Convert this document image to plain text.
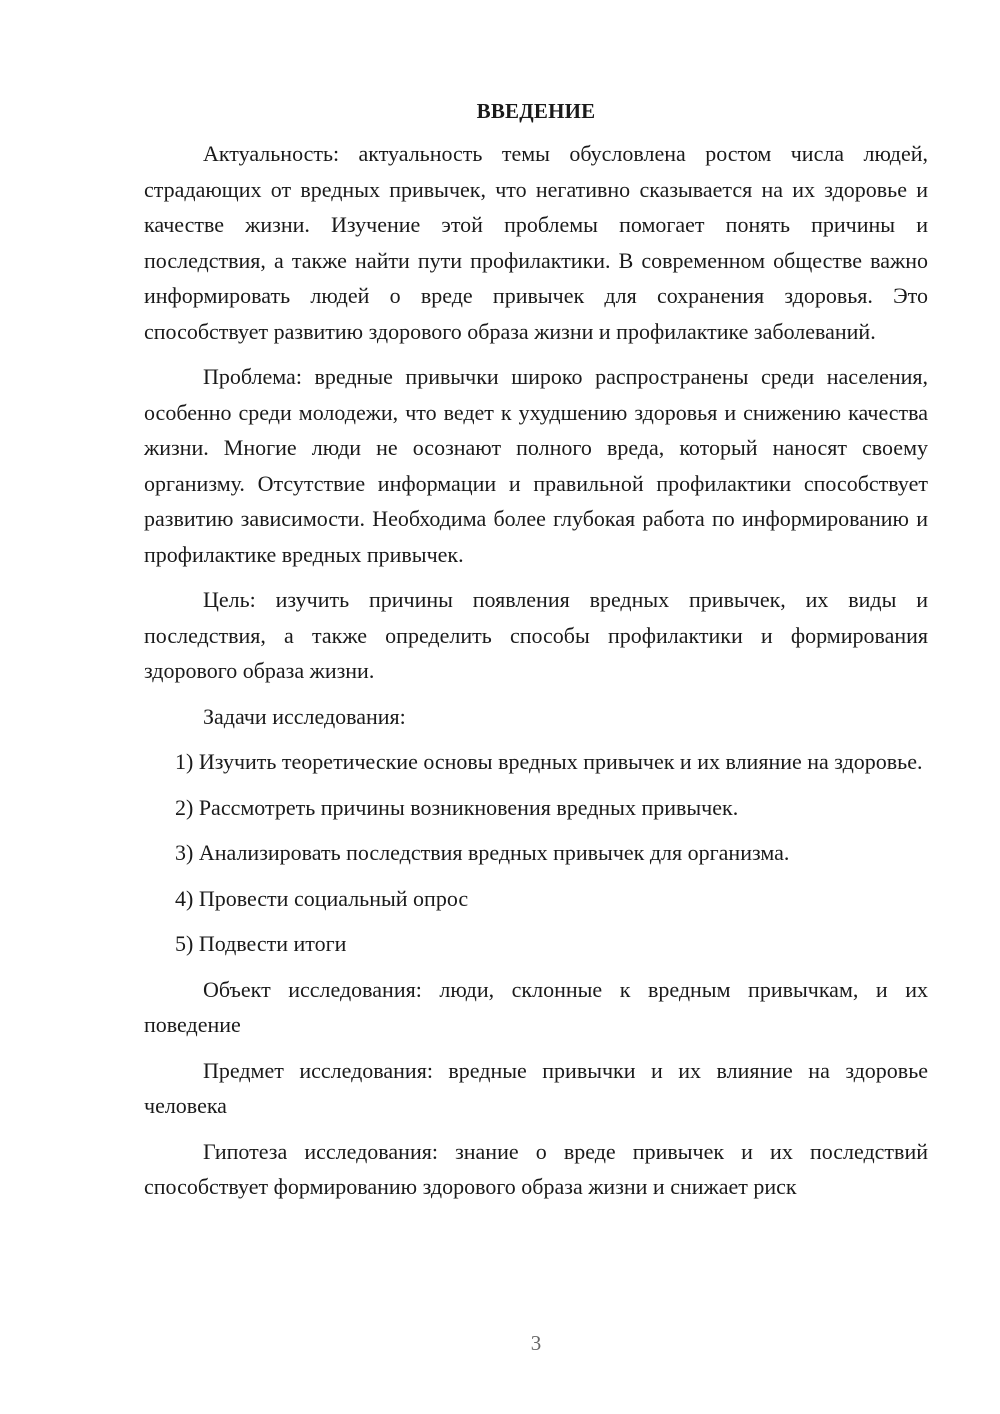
ВВЕДЕНИЕ

Актуальность: актуальность темы обусловлена ростом числа людей, страдающих от вредных привычек, что негативно сказывается на их здоровье и качестве жизни. Изучение этой проблемы помогает понять причины и последствия, а также найти пути профилактики. В современном обществе важно информировать людей о вреде привычек для сохранения здоровья. Это способствует развитию здорового образа жизни и профилактике заболеваний.

Проблема: вредные привычки широко распространены среди населения, особенно среди молодежи, что ведет к ухудшению здоровья и снижению качества жизни. Многие люди не осознают полного вреда, который наносят своему организму. Отсутствие информации и правильной профилактики способствует развитию зависимости. Необходима более глубокая работа по информированию и профилактике вредных привычек.

Цель: изучить причины появления вредных привычек, их виды и последствия, а также определить способы профилактики и формирования здорового образа жизни.

Задачи исследования:

1) Изучить теоретические основы вредных привычек и их влияние на здоровье.

2) Рассмотреть причины возникновения вредных привычек.

3) Анализировать последствия вредных привычек для организма.

4) Провести социальный опрос

5) Подвести итоги

Объект исследования: люди, склонные к вредным привычкам, и их поведение

Предмет исследования: вредные привычки и их влияние на здоровье человека

Гипотеза исследования: знание о вреде привычек и их последствий способствует формированию здорового образа жизни и снижает риск

3
